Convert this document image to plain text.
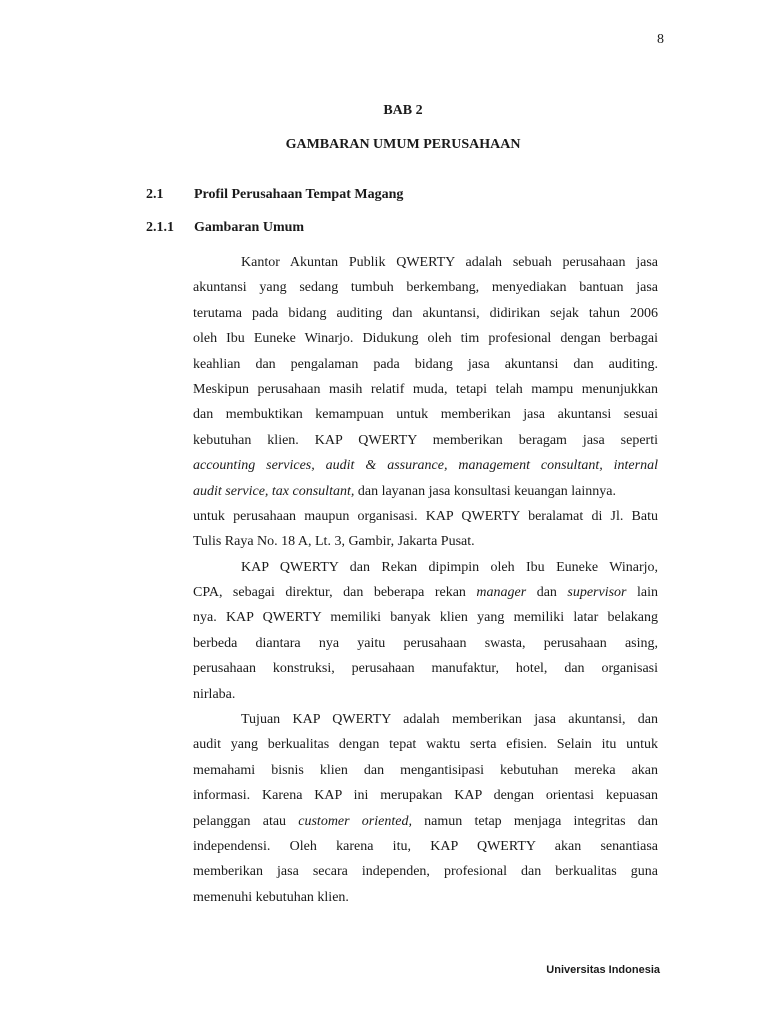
8
BAB 2
GAMBARAN UMUM PERUSAHAAN
2.1 Profil Perusahaan Tempat Magang
2.1.1 Gambaran Umum
Kantor Akuntan Publik QWERTY adalah sebuah perusahaan jasa
akuntansi yang sedang tumbuh berkembang, menyediakan bantuan jasa
terutama pada bidang auditing dan akuntansi, didirikan sejak tahun 2006
oleh Ibu Euneke Winarjo. Didukung oleh tim profesional dengan berbagai
keahlian dan pengalaman pada bidang jasa akuntansi dan auditing.
Meskipun perusahaan masih relatif muda, tetapi telah mampu menunjukkan
dan membuktikan kemampuan untuk memberikan jasa akuntansi sesuai
kebutuhan klien. KAP QWERTY memberikan beragam jasa seperti
accounting services, audit & assurance, management consultant, internal
audit service, tax consultant, dan layanan jasa konsultasi keuangan lainnya.
untuk perusahaan maupun organisasi. KAP QWERTY beralamat di Jl. Batu
Tulis Raya No. 18 A, Lt. 3, Gambir, Jakarta Pusat.
KAP QWERTY dan Rekan dipimpin oleh Ibu Euneke Winarjo,
CPA, sebagai direktur, dan beberapa rekan manager dan supervisor lain
nya. KAP QWERTY memiliki banyak klien yang memiliki latar belakang
berbeda diantara nya yaitu perusahaan swasta, perusahaan asing,
perusahaan konstruksi, perusahaan manufaktur, hotel, dan organisasi
nirlaba.
Tujuan KAP QWERTY adalah memberikan jasa akuntansi, dan
audit yang berkualitas dengan tepat waktu serta efisien. Selain itu untuk
memahami bisnis klien dan mengantisipasi kebutuhan mereka akan
informasi. Karena KAP ini merupakan KAP dengan orientasi kepuasan
pelanggan atau customer oriented, namun tetap menjaga integritas dan
independensi. Oleh karena itu, KAP QWERTY akan senantiasa
memberikan jasa secara independen, profesional dan berkualitas guna
memenuhi kebutuhan klien.
Universitas Indonesia
